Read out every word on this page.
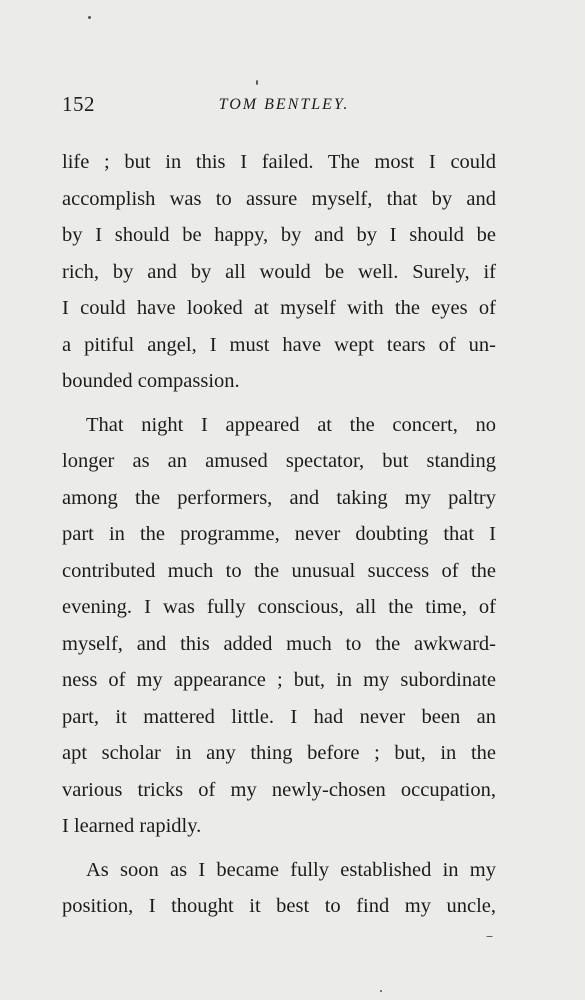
152	TOM BENTLEY.
life ; but in this I failed. The most I could
accomplish was to assure myself, that by and
by I should be happy, by and by I should be
rich, by and by all would be well. Surely, if
I could have looked at myself with the eyes of
a pitiful angel, I must have wept tears of un-
bounded compassion.
That night I appeared at the concert, no
longer as an amused spectator, but standing
among the performers, and taking my paltry
part in the programme, never doubting that I
contributed much to the unusual success of the
evening. I was fully conscious, all the time, of
myself, and this added much to the awkward-
ness of my appearance ; but, in my subordinate
part, it mattered little. I had never been an
apt scholar in any thing before ; but, in the
various tricks of my newly-chosen occupation,
I learned rapidly.
As soon as I became fully established in my
position, I thought it best to find my uncle,
